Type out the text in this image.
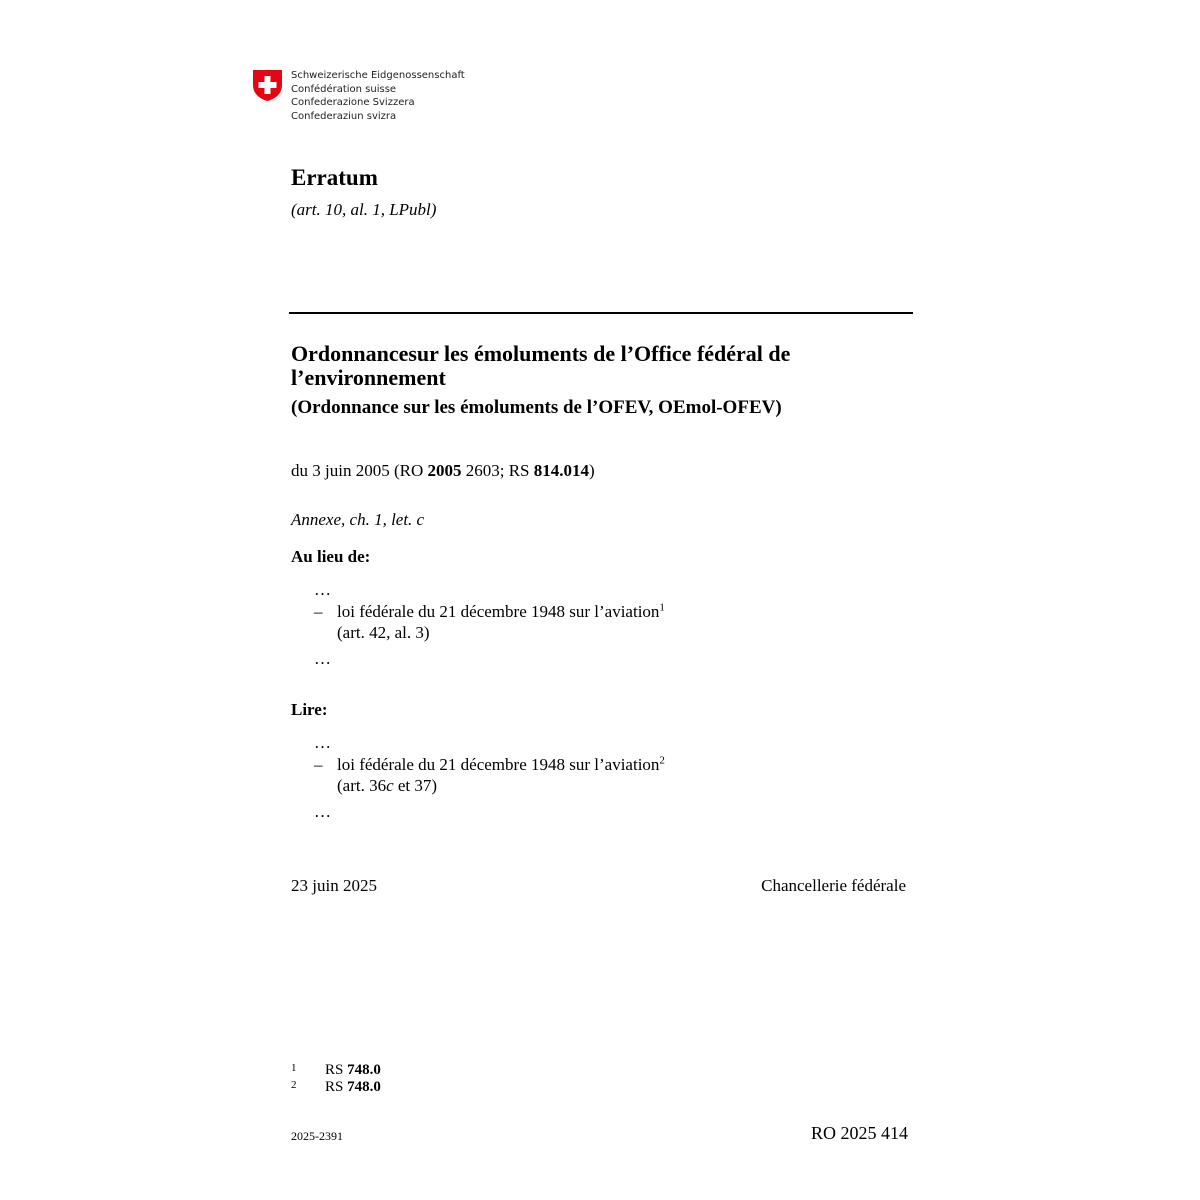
Schweizerische Eidgenossenschaft
Confédération suisse
Confederazione Svizzera
Confederaziun svizra
Erratum
(art. 10, al. 1, LPubl)
Ordonnancesur les émoluments de l’Office fédéral de l’environnement
(Ordonnance sur les émoluments de l’OFEV, OEmol-OFEV)
du 3 juin 2005 (RO 2005 2603; RS 814.014)
Annexe, ch. 1, let. c
Au lieu de:
…
– loi fédérale du 21 décembre 1948 sur l’aviation$^1$
(art. 42, al. 3)
…
Lire:
…
– loi fédérale du 21 décembre 1948 sur l’aviation$^2$
(art. 36c et 37)
…
23 juin 2025	Chancellerie fédérale
1 RS 748.0
2 RS 748.0
2025-2391	RO 2025 414
